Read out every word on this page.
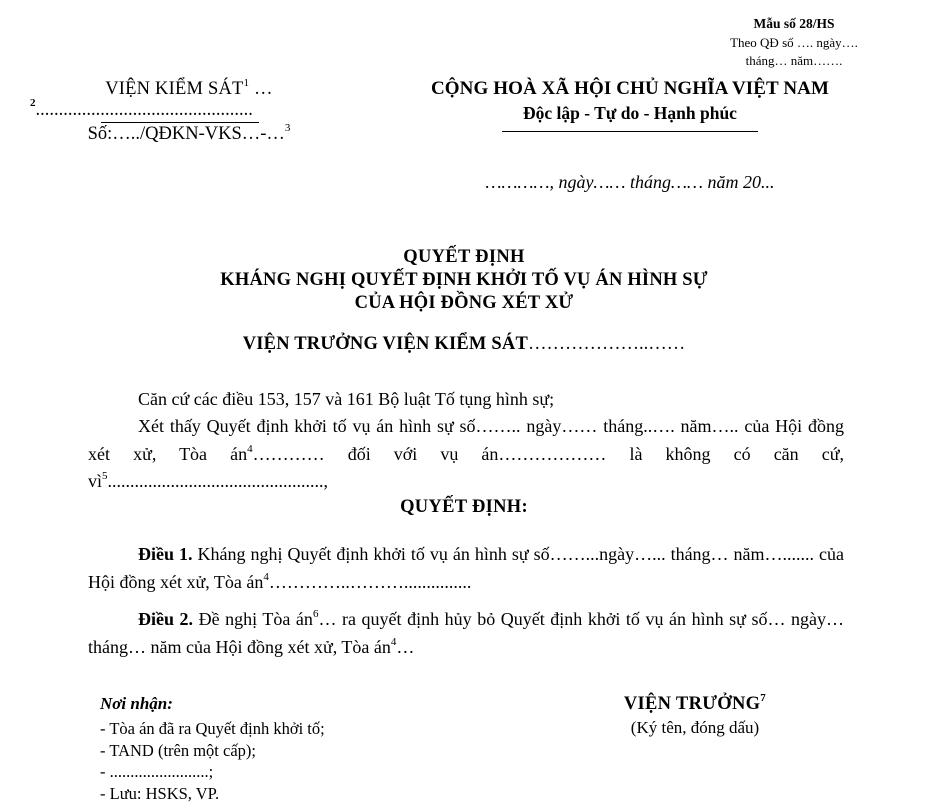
Mẫu số 28/HS
Theo QĐ số …. ngày….
tháng… năm…….
VIỆN KIỂM SÁT$^1$ …
$^2$...............................................
Số:…../QĐKN-VKS…-…$^3$
CỘNG HOÀ XÃ HỘI CHỦ NGHĨA VIỆT NAM
Độc lập - Tự do - Hạnh phúc
…………, ngày…… tháng…… năm 20...
QUYẾT ĐỊNH
KHÁNG NGHỊ QUYẾT ĐỊNH KHỞI TỐ VỤ ÁN HÌNH SỰ
CỦA HỘI ĐỒNG XÉT XỬ
VIỆN TRƯỞNG VIỆN KIỂM SÁT………………..……

Căn cứ các điều 153, 157 và 161 Bộ luật Tố tụng hình sự;

Xét thấy Quyết định khởi tố vụ án hình sự số…….. ngày…… tháng..…. năm….. của Hội đồng xét xử, Tòa $án^4\dots\dots\dots\dots$ đối với vụ án……………… là không có căn cứ, $vì^5$................................................,

QUYẾT ĐỊNH:

Điều 1. Kháng nghị Quyết định khởi tố vụ án hình sự số……...ngày…... tháng… năm…....... của Hội đồng xét xử, Tòa $án^4\dots\dots\dots\dots..\dots\dots\dots$...............

Điều 2. Đề nghị Tòa $án^6\dots$ ra quyết định hủy bỏ Quyết định khởi tố vụ án hình sự số… ngày… tháng… năm của Hội đồng xét xử, Tòa $án^4\dots$

Nơi nhận:
- Tòa án đã ra Quyết định khởi tố;
- TAND (trên một cấp);
- ........................;
- Lưu: HSKS, VP.
VIỆN TRƯỞNG$^7$
(Ký tên, đóng dấu)
